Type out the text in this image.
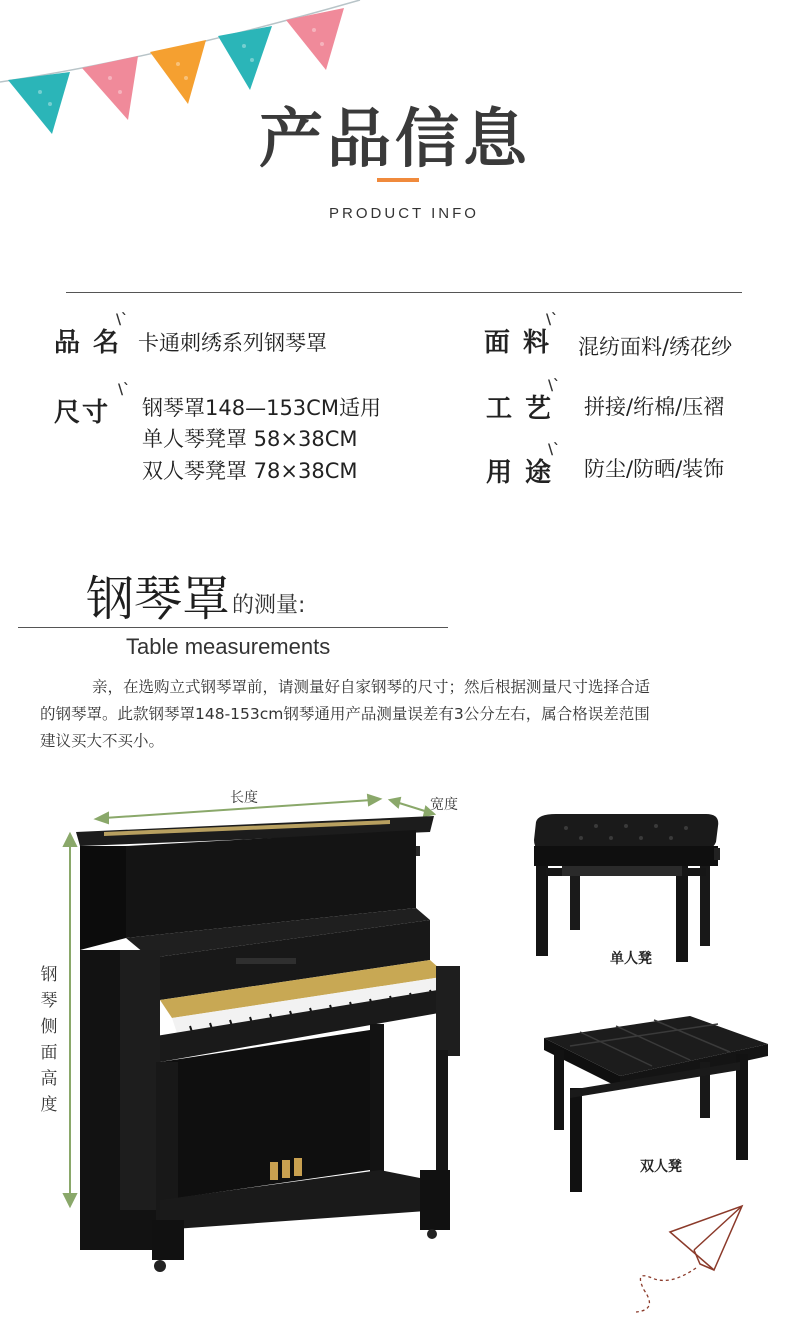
产品信息
PRODUCT INFO
品 名
\`
卡通刺绣系列钢琴罩	面 料
\`
混纺面料/绣花纱
尺寸
\`
钢琴罩148—153CM适用
单人琴凳罩 58×38CM
双人琴凳罩 78×38CM
工 艺
\`
拼接/绗棉/压褶
用 途
\`
防尘/防晒/装饰
钢琴罩 的测量:
Table measurements

亲，在选购立式钢琴罩前，请测量好自家钢琴的尺寸；然后根据测量尺寸选择合适

的钢琴罩。此款钢琴罩148-153cm钢琴通用产品测量误差有3公分左右，属合格误差范围

建议买大不买小。

长度	宽度
钢琴侧面高度
单人凳
双人凳
